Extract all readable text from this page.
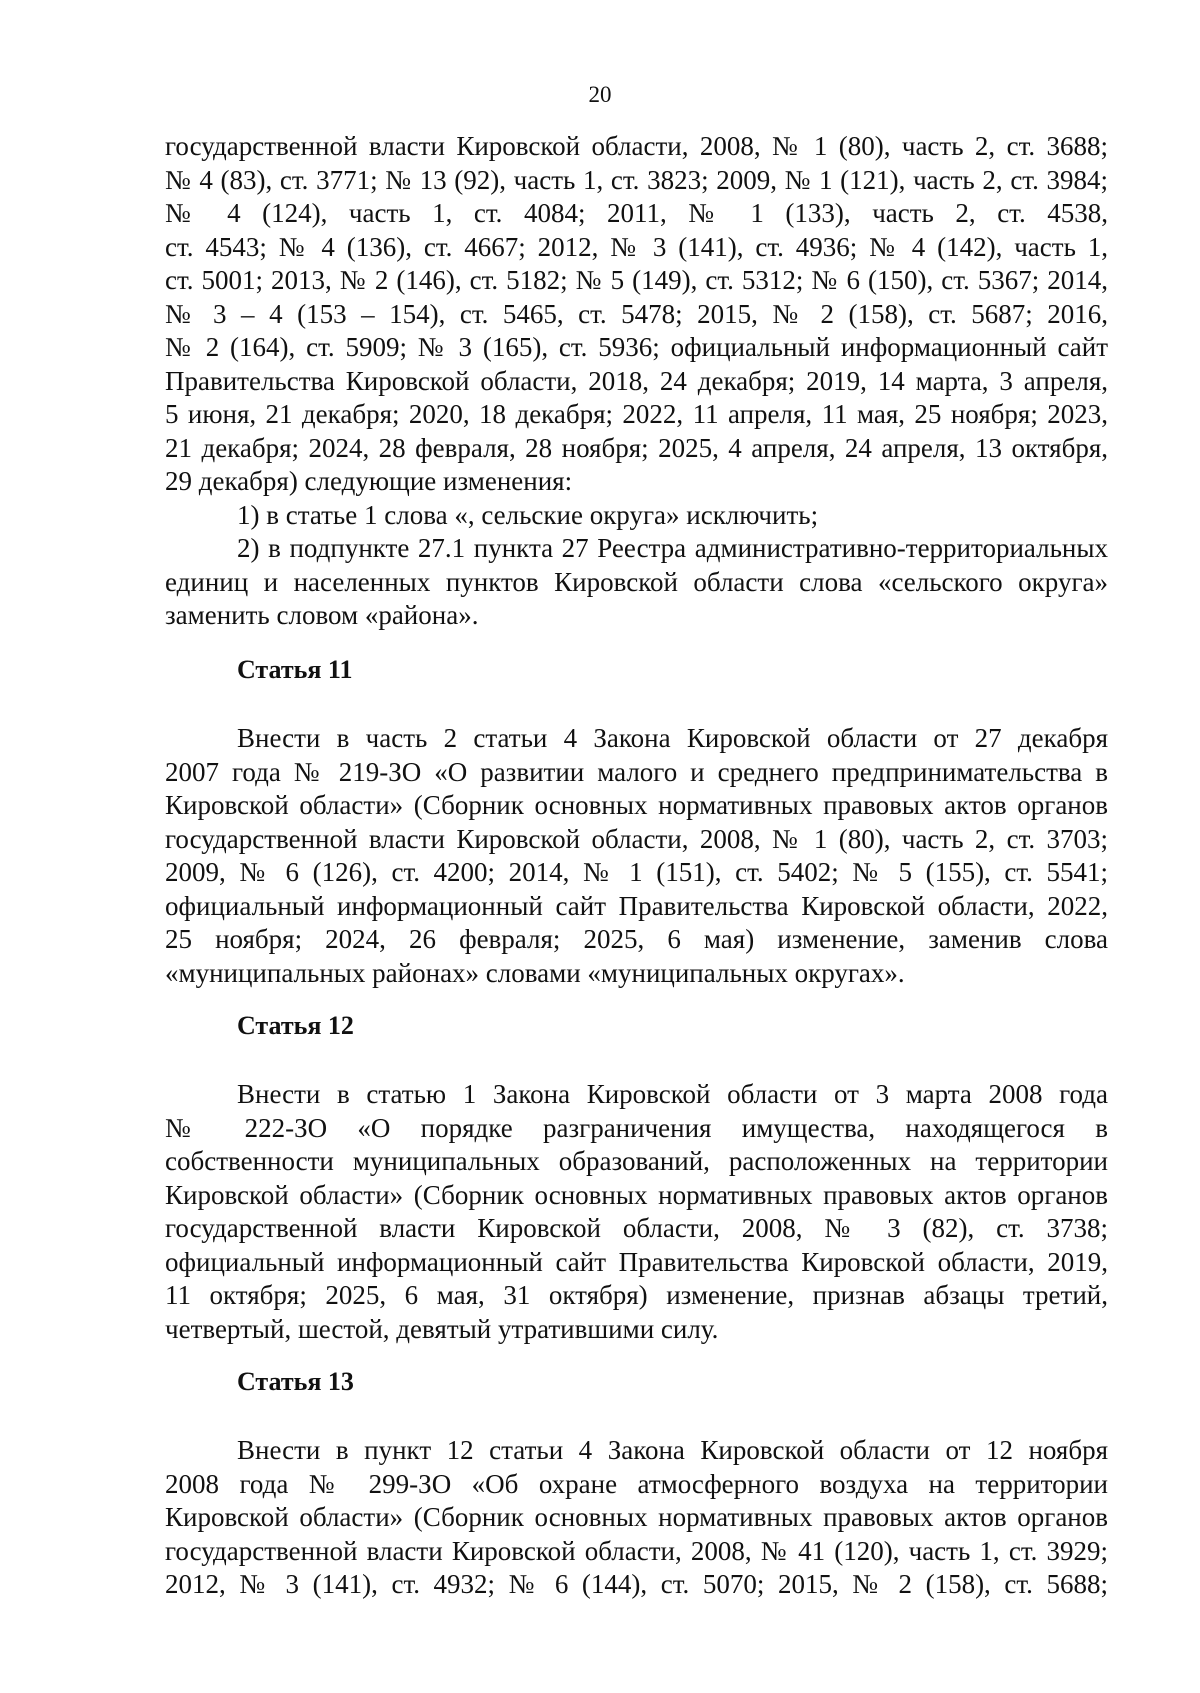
20
государственной власти Кировской области, 2008, № 1 (80), часть 2, ст. 3688;
№ 4 (83), ст. 3771; № 13 (92), часть 1, ст. 3823; 2009, № 1 (121), часть 2, ст. 3984;
№ 4 (124), часть 1, ст. 4084; 2011, № 1 (133), часть 2, ст. 4538,
ст. 4543; № 4 (136), ст. 4667; 2012, № 3 (141), ст. 4936; № 4 (142), часть 1,
ст. 5001; 2013, № 2 (146), ст. 5182; № 5 (149), ст. 5312; № 6 (150), ст. 5367; 2014,
№ 3 – 4 (153 – 154), ст. 5465, ст. 5478; 2015, № 2 (158), ст. 5687; 2016,
№ 2 (164), ст. 5909; № 3 (165), ст. 5936; официальный информационный сайт
Правительства Кировской области, 2018, 24 декабря; 2019, 14 марта, 3 апреля,
5 июня, 21 декабря; 2020, 18 декабря; 2022, 11 апреля, 11 мая, 25 ноября; 2023,
21 декабря; 2024, 28 февраля, 28 ноября; 2025, 4 апреля, 24 апреля, 13 октября,
29 декабря) следующие изменения:
1) в статье 1 слова «, сельские округа» исключить;
2) в подпункте 27.1 пункта 27 Реестра административно-территориальных
единиц и населенных пунктов Кировской области слова «сельского округа»
заменить словом «района».
Статья 11
Внести в часть 2 статьи 4 Закона Кировской области от 27 декабря
2007 года № 219-ЗО «О развитии малого и среднего предпринимательства в
Кировской области» (Сборник основных нормативных правовых актов органов
государственной власти Кировской области, 2008, № 1 (80), часть 2, ст. 3703;
2009, № 6 (126), ст. 4200; 2014, № 1 (151), ст. 5402; № 5 (155), ст. 5541;
официальный информационный сайт Правительства Кировской области, 2022,
25 ноября; 2024, 26 февраля; 2025, 6 мая) изменение, заменив слова
«муниципальных районах» словами «муниципальных округах».
Статья 12
Внести в статью 1 Закона Кировской области от 3 марта 2008 года
№ 222-ЗО «О порядке разграничения имущества, находящегося в
собственности муниципальных образований, расположенных на территории
Кировской области» (Сборник основных нормативных правовых актов органов
государственной власти Кировской области, 2008, № 3 (82), ст. 3738;
официальный информационный сайт Правительства Кировской области, 2019,
11 октября; 2025, 6 мая, 31 октября) изменение, признав абзацы третий,
четвертый, шестой, девятый утратившими силу.
Статья 13
Внести в пункт 12 статьи 4 Закона Кировской области от 12 ноября
2008 года № 299-ЗО «Об охране атмосферного воздуха на территории
Кировской области» (Сборник основных нормативных правовых актов органов
государственной власти Кировской области, 2008, № 41 (120), часть 1, ст. 3929;
2012, № 3 (141), ст. 4932; № 6 (144), ст. 5070; 2015, № 2 (158), ст. 5688;
